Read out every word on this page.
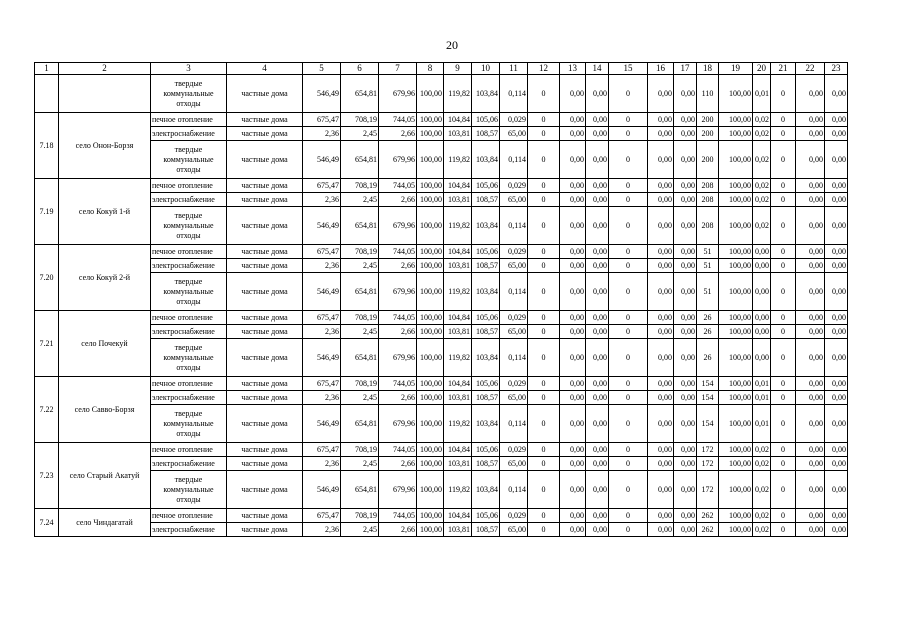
20
1	2	3	4	5	6	7	8	9	10	11	12	13	14	15	16	17	18	19	20	21	22	23
		твердые коммунальные отходы	частные дома	546,49	654,81	679,96	100,00	119,82	103,84	0,114	0	0,00	0,00	0	0,00	0,00	110	100,00	0,01	0	0,00	0,00
7.18	село Онон-Борзя	печное отопление	частные дома	675,47	708,19	744,05	100,00	104,84	105,06	0,029	0	0,00	0,00	0	0,00	0,00	200	100,00	0,02	0	0,00	0,00
		электроснабжение	частные дома	2,36	2,45	2,66	100,00	103,81	108,57	65,00	0	0,00	0,00	0	0,00	0,00	200	100,00	0,02	0	0,00	0,00
		твердые коммунальные отходы	частные дома	546,49	654,81	679,96	100,00	119,82	103,84	0,114	0	0,00	0,00	0	0,00	0,00	200	100,00	0,02	0	0,00	0,00
7.19	село Кокуй 1-й	печное отопление	частные дома	675,47	708,19	744,05	100,00	104,84	105,06	0,029	0	0,00	0,00	0	0,00	0,00	208	100,00	0,02	0	0,00	0,00
		электроснабжение	частные дома	2,36	2,45	2,66	100,00	103,81	108,57	65,00	0	0,00	0,00	0	0,00	0,00	208	100,00	0,02	0	0,00	0,00
		твердые коммунальные отходы	частные дома	546,49	654,81	679,96	100,00	119,82	103,84	0,114	0	0,00	0,00	0	0,00	0,00	208	100,00	0,02	0	0,00	0,00
7.20	село Кокуй 2-й	печное отопление	частные дома	675,47	708,19	744,05	100,00	104,84	105,06	0,029	0	0,00	0,00	0	0,00	0,00	51	100,00	0,00	0	0,00	0,00
		электроснабжение	частные дома	2,36	2,45	2,66	100,00	103,81	108,57	65,00	0	0,00	0,00	0	0,00	0,00	51	100,00	0,00	0	0,00	0,00
		твердые коммунальные отходы	частные дома	546,49	654,81	679,96	100,00	119,82	103,84	0,114	0	0,00	0,00	0	0,00	0,00	51	100,00	0,00	0	0,00	0,00
7.21	село Почекуй	печное отопление	частные дома	675,47	708,19	744,05	100,00	104,84	105,06	0,029	0	0,00	0,00	0	0,00	0,00	26	100,00	0,00	0	0,00	0,00
		электроснабжение	частные дома	2,36	2,45	2,66	100,00	103,81	108,57	65,00	0	0,00	0,00	0	0,00	0,00	26	100,00	0,00	0	0,00	0,00
		твердые коммунальные отходы	частные дома	546,49	654,81	679,96	100,00	119,82	103,84	0,114	0	0,00	0,00	0	0,00	0,00	26	100,00	0,00	0	0,00	0,00
7.22	село Савво-Борзя	печное отопление	частные дома	675,47	708,19	744,05	100,00	104,84	105,06	0,029	0	0,00	0,00	0	0,00	0,00	154	100,00	0,01	0	0,00	0,00
		электроснабжение	частные дома	2,36	2,45	2,66	100,00	103,81	108,57	65,00	0	0,00	0,00	0	0,00	0,00	154	100,00	0,01	0	0,00	0,00
		твердые коммунальные отходы	частные дома	546,49	654,81	679,96	100,00	119,82	103,84	0,114	0	0,00	0,00	0	0,00	0,00	154	100,00	0,01	0	0,00	0,00
7.23	село Старый Акатуй	печное отопление	частные дома	675,47	708,19	744,05	100,00	104,84	105,06	0,029	0	0,00	0,00	0	0,00	0,00	172	100,00	0,02	0	0,00	0,00
		электроснабжение	частные дома	2,36	2,45	2,66	100,00	103,81	108,57	65,00	0	0,00	0,00	0	0,00	0,00	172	100,00	0,02	0	0,00	0,00
		твердые коммунальные отходы	частные дома	546,49	654,81	679,96	100,00	119,82	103,84	0,114	0	0,00	0,00	0	0,00	0,00	172	100,00	0,02	0	0,00	0,00
7.24	село Чиндагатай	печное отопление	частные дома	675,47	708,19	744,05	100,00	104,84	105,06	0,029	0	0,00	0,00	0	0,00	0,00	262	100,00	0,02	0	0,00	0,00
		электроснабжение	частные дома	2,36	2,45	2,66	100,00	103,81	108,57	65,00	0	0,00	0,00	0	0,00	0,00	262	100,00	0,02	0	0,00	0,00
